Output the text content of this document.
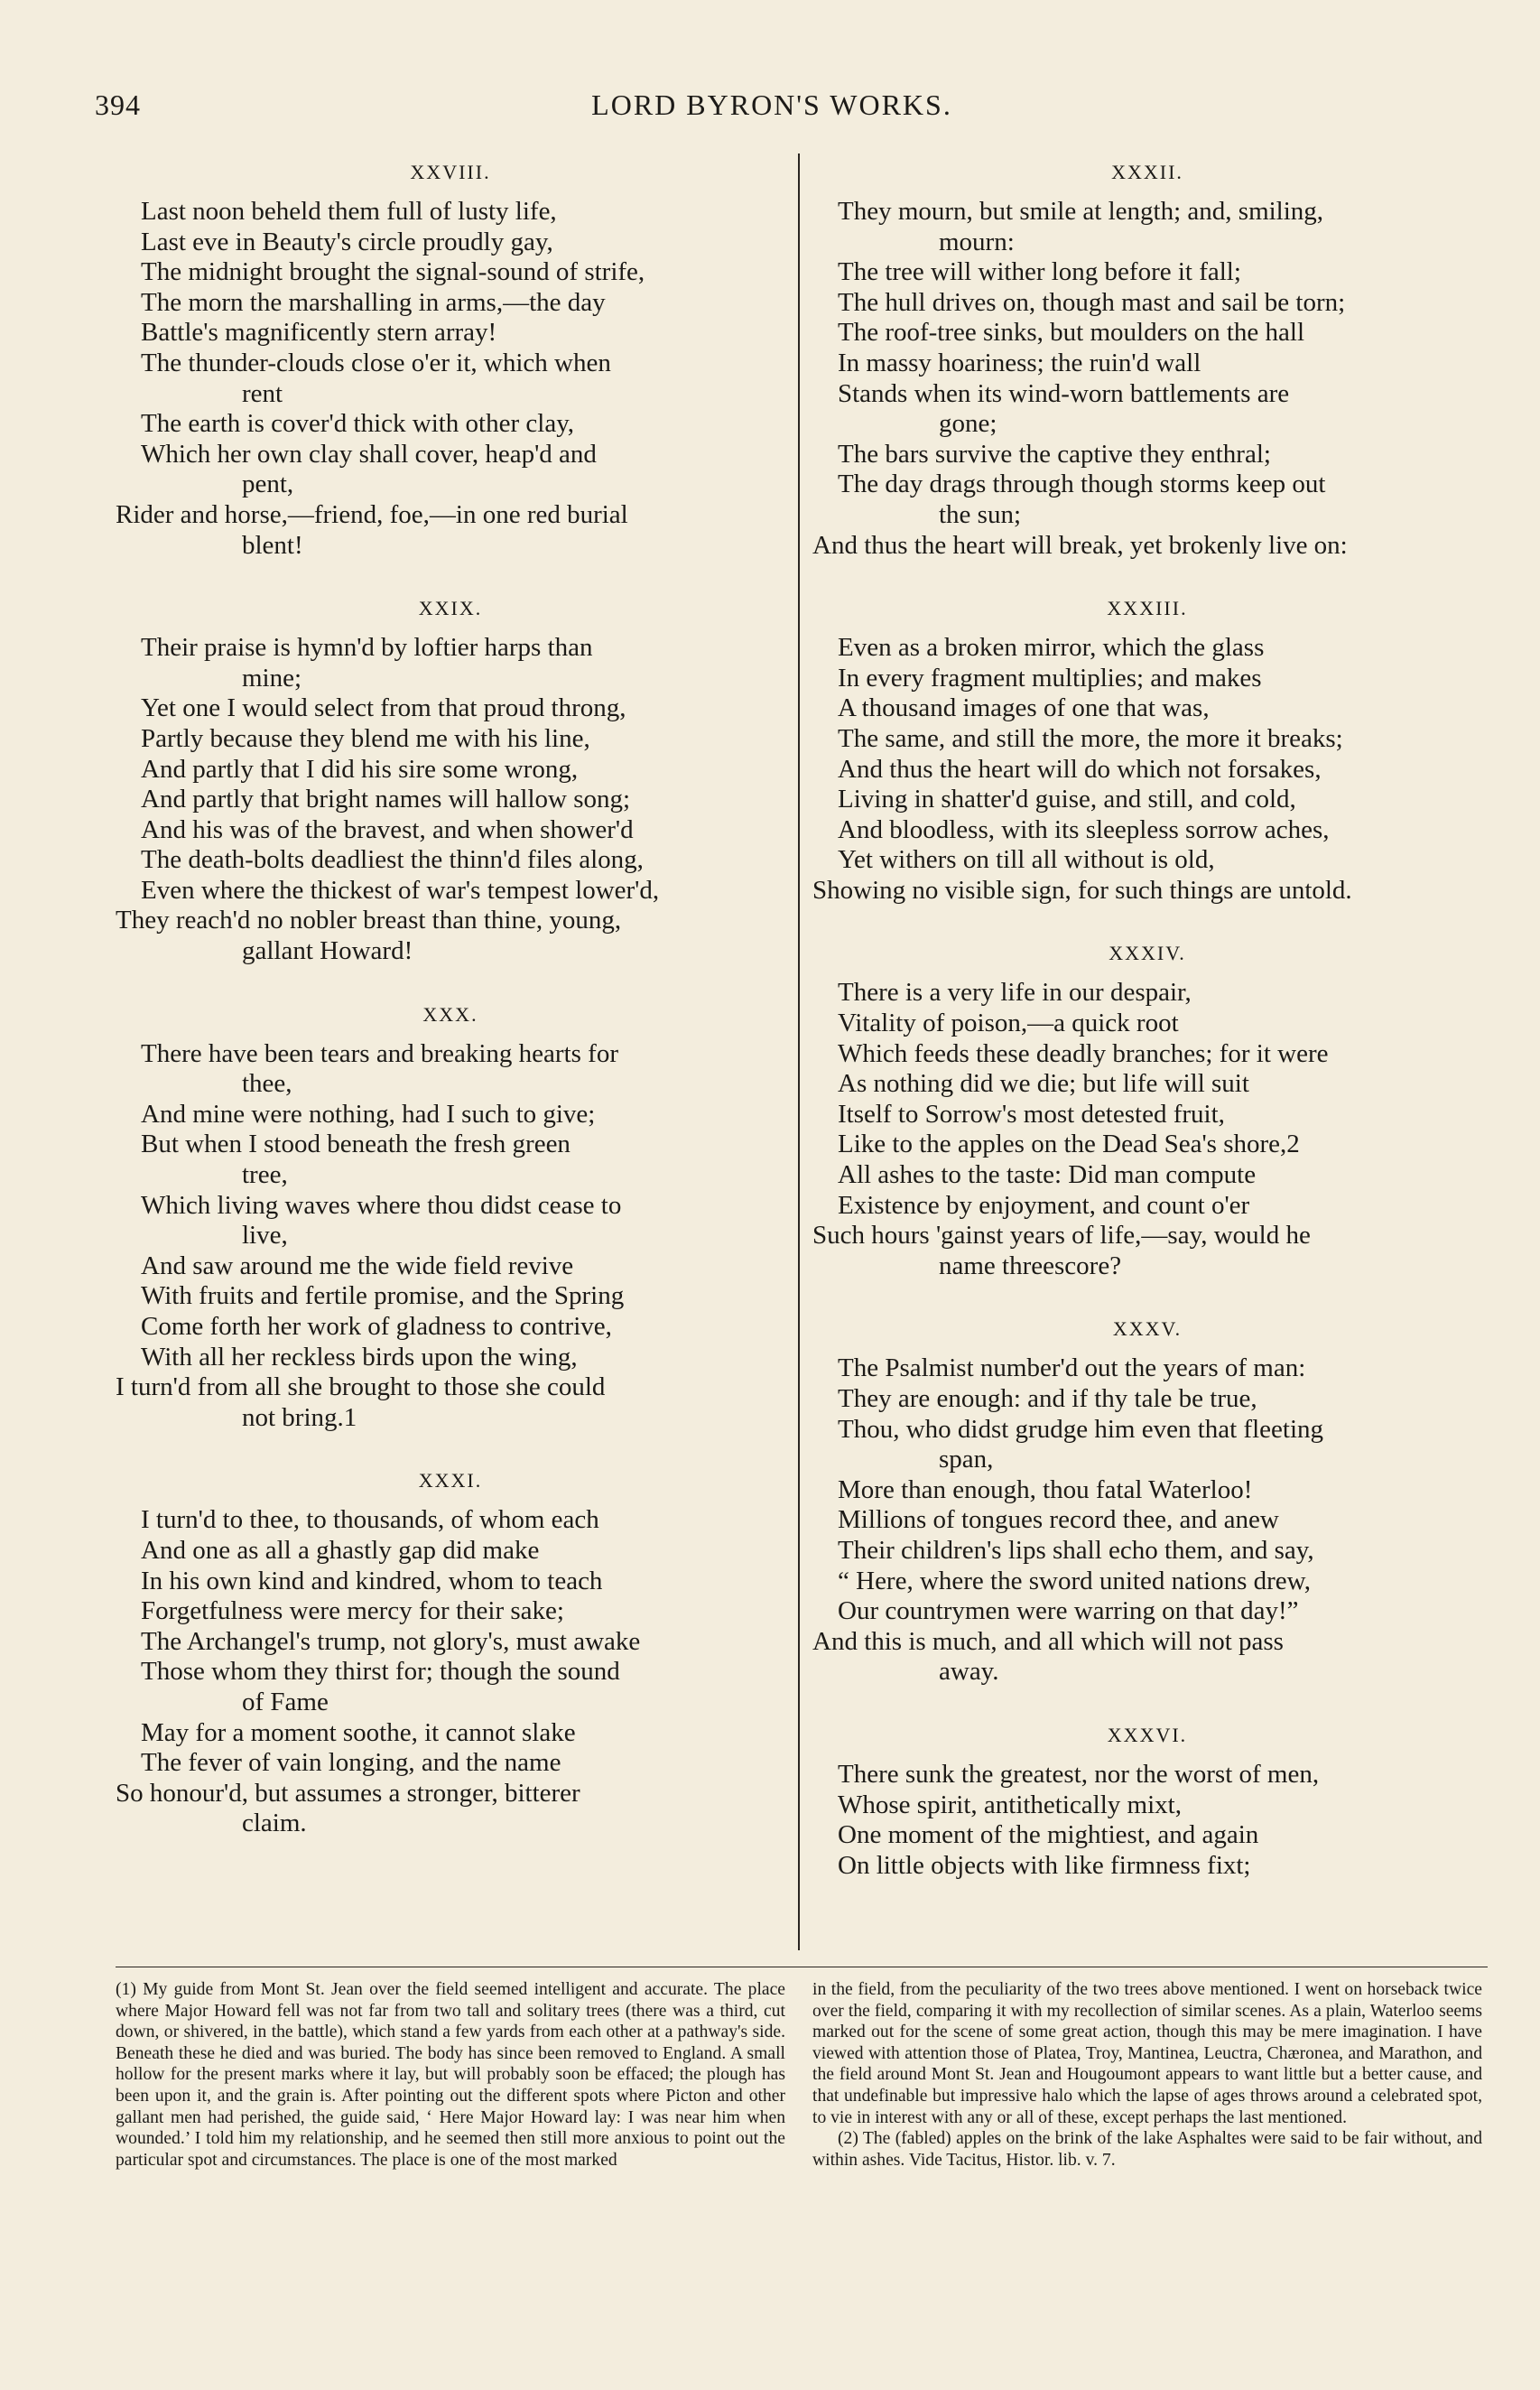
394	LORD BYRON'S WORKS.
XXVIII.
Last noon beheld them full of lusty life,
Last eve in Beauty's circle proudly gay,
The midnight brought the signal-sound of strife,
The morn the marshalling in arms,—the day
Battle's magnificently stern array!
The thunder-clouds close o'er it, which when
rent
The earth is cover'd thick with other clay,
Which her own clay shall cover, heap'd and
pent,
Rider and horse,—friend, foe,—in one red burial
blent!
XXIX.
Their praise is hymn'd by loftier harps than
mine;
Yet one I would select from that proud throng,
Partly because they blend me with his line,
And partly that I did his sire some wrong,
And partly that bright names will hallow song;
And his was of the bravest, and when shower'd
The death-bolts deadliest the thinn'd files along,
Even where the thickest of war's tempest lower'd,
They reach'd no nobler breast than thine, young,
gallant Howard!
XXX.
There have been tears and breaking hearts for
thee,
And mine were nothing, had I such to give;
But when I stood beneath the fresh green
tree,
Which living waves where thou didst cease to
live,
And saw around me the wide field revive
With fruits and fertile promise, and the Spring
Come forth her work of gladness to contrive,
With all her reckless birds upon the wing,
I turn'd from all she brought to those she could
not bring.1
XXXI.
I turn'd to thee, to thousands, of whom each
And one as all a ghastly gap did make
In his own kind and kindred, whom to teach
Forgetfulness were mercy for their sake;
The Archangel's trump, not glory's, must awake
Those whom they thirst for; though the sound
of Fame
May for a moment soothe, it cannot slake
The fever of vain longing, and the name
So honour'd, but assumes a stronger, bitterer
claim.
XXXII.
They mourn, but smile at length; and, smiling,
mourn:
The tree will wither long before it fall;
The hull drives on, though mast and sail be torn;
The roof-tree sinks, but moulders on the hall
In massy hoariness; the ruin'd wall
Stands when its wind-worn battlements are
gone;
The bars survive the captive they enthral;
The day drags through though storms keep out
the sun;
And thus the heart will break, yet brokenly live on:
XXXIII.
Even as a broken mirror, which the glass
In every fragment multiplies; and makes
A thousand images of one that was,
The same, and still the more, the more it breaks;
And thus the heart will do which not forsakes,
Living in shatter'd guise, and still, and cold,
And bloodless, with its sleepless sorrow aches,
Yet withers on till all without is old,
Showing no visible sign, for such things are untold.
XXXIV.
There is a very life in our despair,
Vitality of poison,—a quick root
Which feeds these deadly branches; for it were
As nothing did we die; but life will suit
Itself to Sorrow's most detested fruit,
Like to the apples on the Dead Sea's shore,2
All ashes to the taste: Did man compute
Existence by enjoyment, and count o'er
Such hours 'gainst years of life,—say, would he
name threescore?
XXXV.
The Psalmist number'd out the years of man:
They are enough: and if thy tale be true,
Thou, who didst grudge him even that fleeting
span,
More than enough, thou fatal Waterloo!
Millions of tongues record thee, and anew
Their children's lips shall echo them, and say,
“ Here, where the sword united nations drew,
Our countrymen were warring on that day!”
And this is much, and all which will not pass
away.
XXXVI.
There sunk the greatest, nor the worst of men,
Whose spirit, antithetically mixt,
One moment of the mightiest, and again
On little objects with like firmness fixt;

(1) My guide from Mont St. Jean over the field seemed intelligent and accurate. The place where Major Howard fell was not far from two tall and solitary trees (there was a third, cut down, or shivered, in the battle), which stand a few yards from each other at a pathway's side. Beneath these he died and was buried. The body has since been removed to England. A small hollow for the present marks where it lay, but will probably soon be effaced; the plough has been upon it, and the grain is. After pointing out the different spots where Picton and other gallant men had perished, the guide said, ‘ Here Major Howard lay: I was near him when wounded.’ I told him my relationship, and he seemed then still more anxious to point out the particular spot and circumstances. The place is one of the most marked

in the field, from the peculiarity of the two trees above mentioned. I went on horseback twice over the field, comparing it with my recollection of similar scenes. As a plain, Waterloo seems marked out for the scene of some great action, though this may be mere imagination. I have viewed with attention those of Platea, Troy, Mantinea, Leuctra, Chæronea, and Marathon, and the field around Mont St. Jean and Hougoumont appears to want little but a better cause, and that undefinable but impressive halo which the lapse of ages throws around a celebrated spot, to vie in interest with any or all of these, except perhaps the last mentioned.

(2) The (fabled) apples on the brink of the lake Asphaltes were said to be fair without, and within ashes. Vide Tacitus, Histor. lib. v. 7.
